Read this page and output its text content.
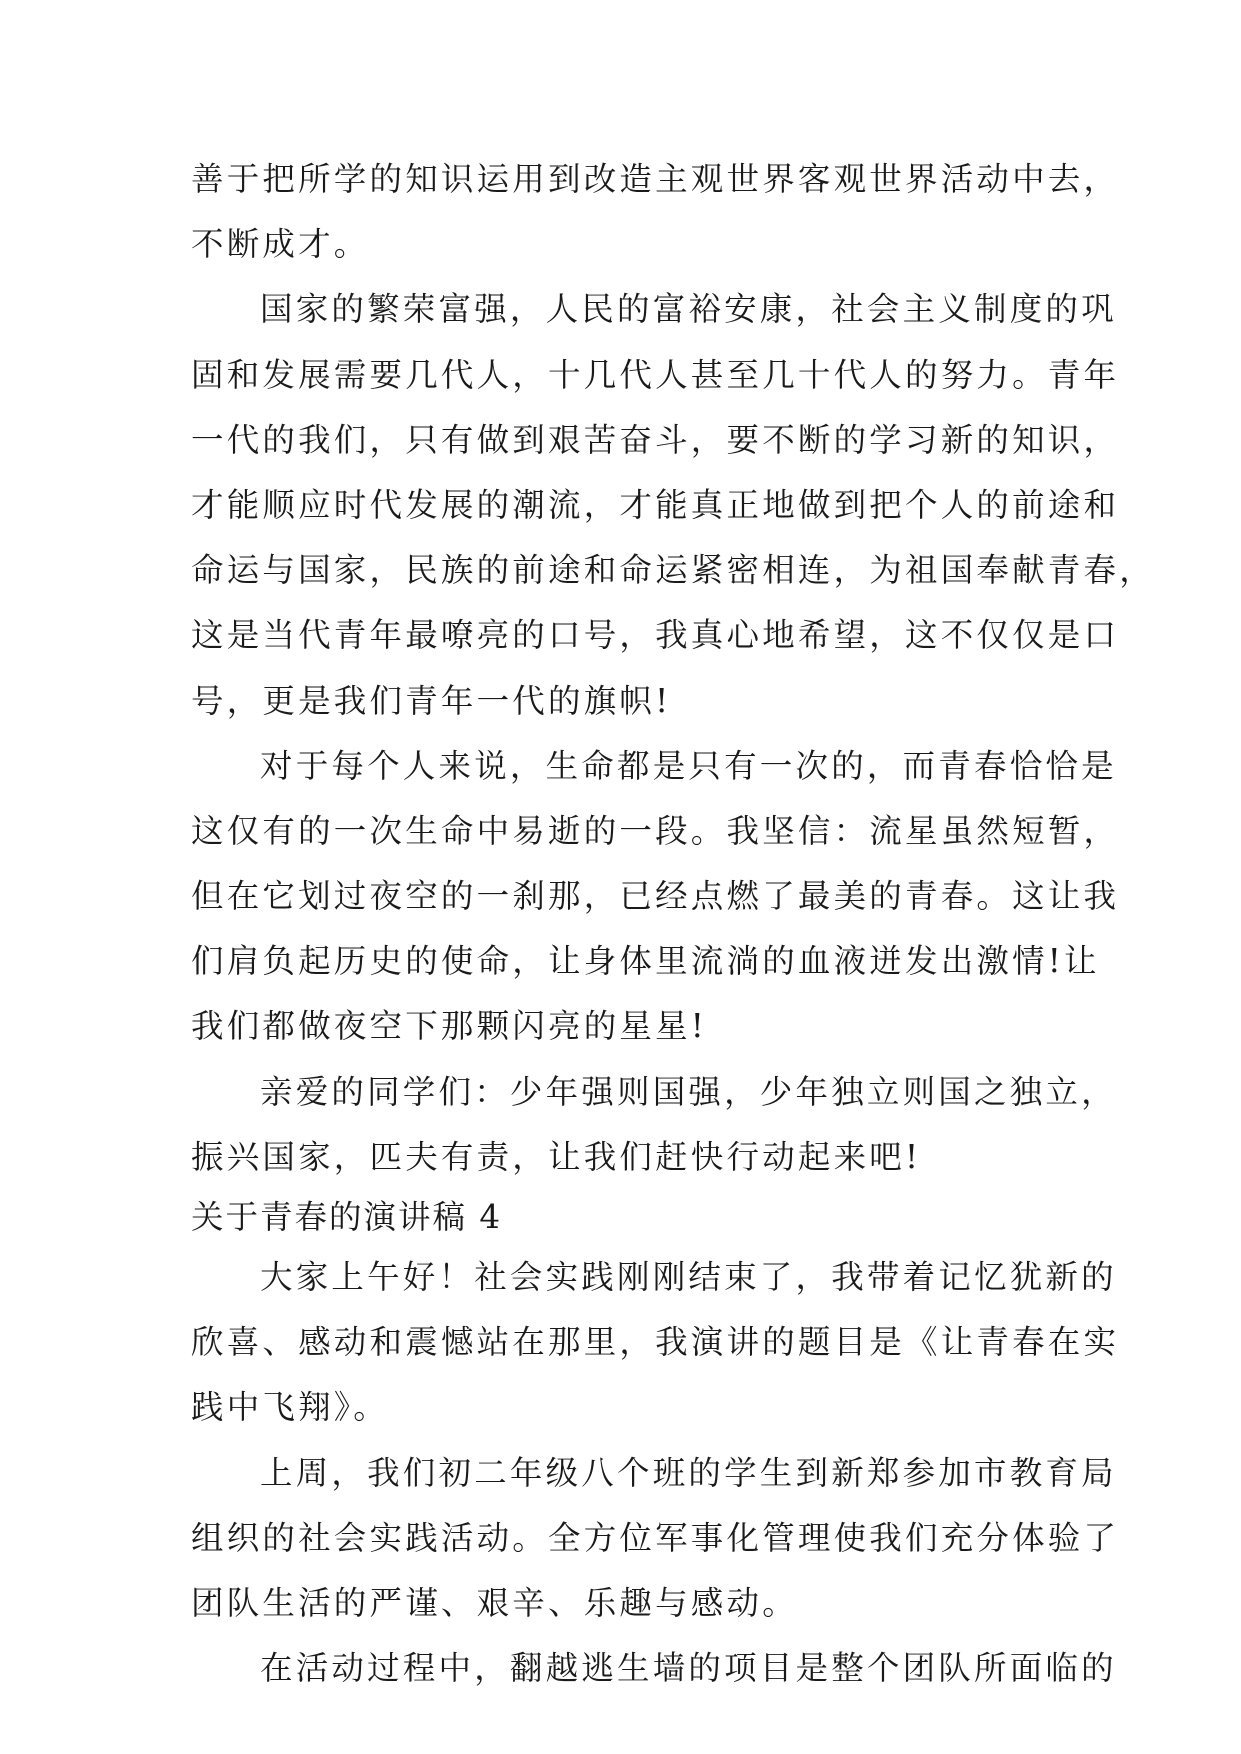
善于把所学的知识运用到改造主观世界客观世界活动中去，
不断成才。
国家的繁荣富强，人民的富裕安康，社会主义制度的巩
固和发展需要几代人，十几代人甚至几十代人的努力。青年
一代的我们，只有做到艰苦奋斗，要不断的学习新的知识，
才能顺应时代发展的潮流，才能真正地做到把个人的前途和
命运与国家，民族的前途和命运紧密相连，为祖国奉献青春，
这是当代青年最嘹亮的口号，我真心地希望，这不仅仅是口
号，更是我们青年一代的旗帜!
对于每个人来说，生命都是只有一次的，而青春恰恰是
这仅有的一次生命中易逝的一段。我坚信：流星虽然短暂，
但在它划过夜空的一刹那，已经点燃了最美的青春。这让我
们肩负起历史的使命，让身体里流淌的血液迸发出激情!让
我们都做夜空下那颗闪亮的星星!
亲爱的同学们：少年强则国强，少年独立则国之独立，
振兴国家，匹夫有责，让我们赶快行动起来吧!
关于青春的演讲稿 4
大家上午好！社会实践刚刚结束了，我带着记忆犹新的
欣喜、感动和震憾站在那里，我演讲的题目是《让青春在实
践中飞翔》。
上周，我们初二年级八个班的学生到新郑参加市教育局
组织的社会实践活动。全方位军事化管理使我们充分体验了
团队生活的严谨、艰辛、乐趣与感动。
在活动过程中，翻越逃生墙的项目是整个团队所面临的
